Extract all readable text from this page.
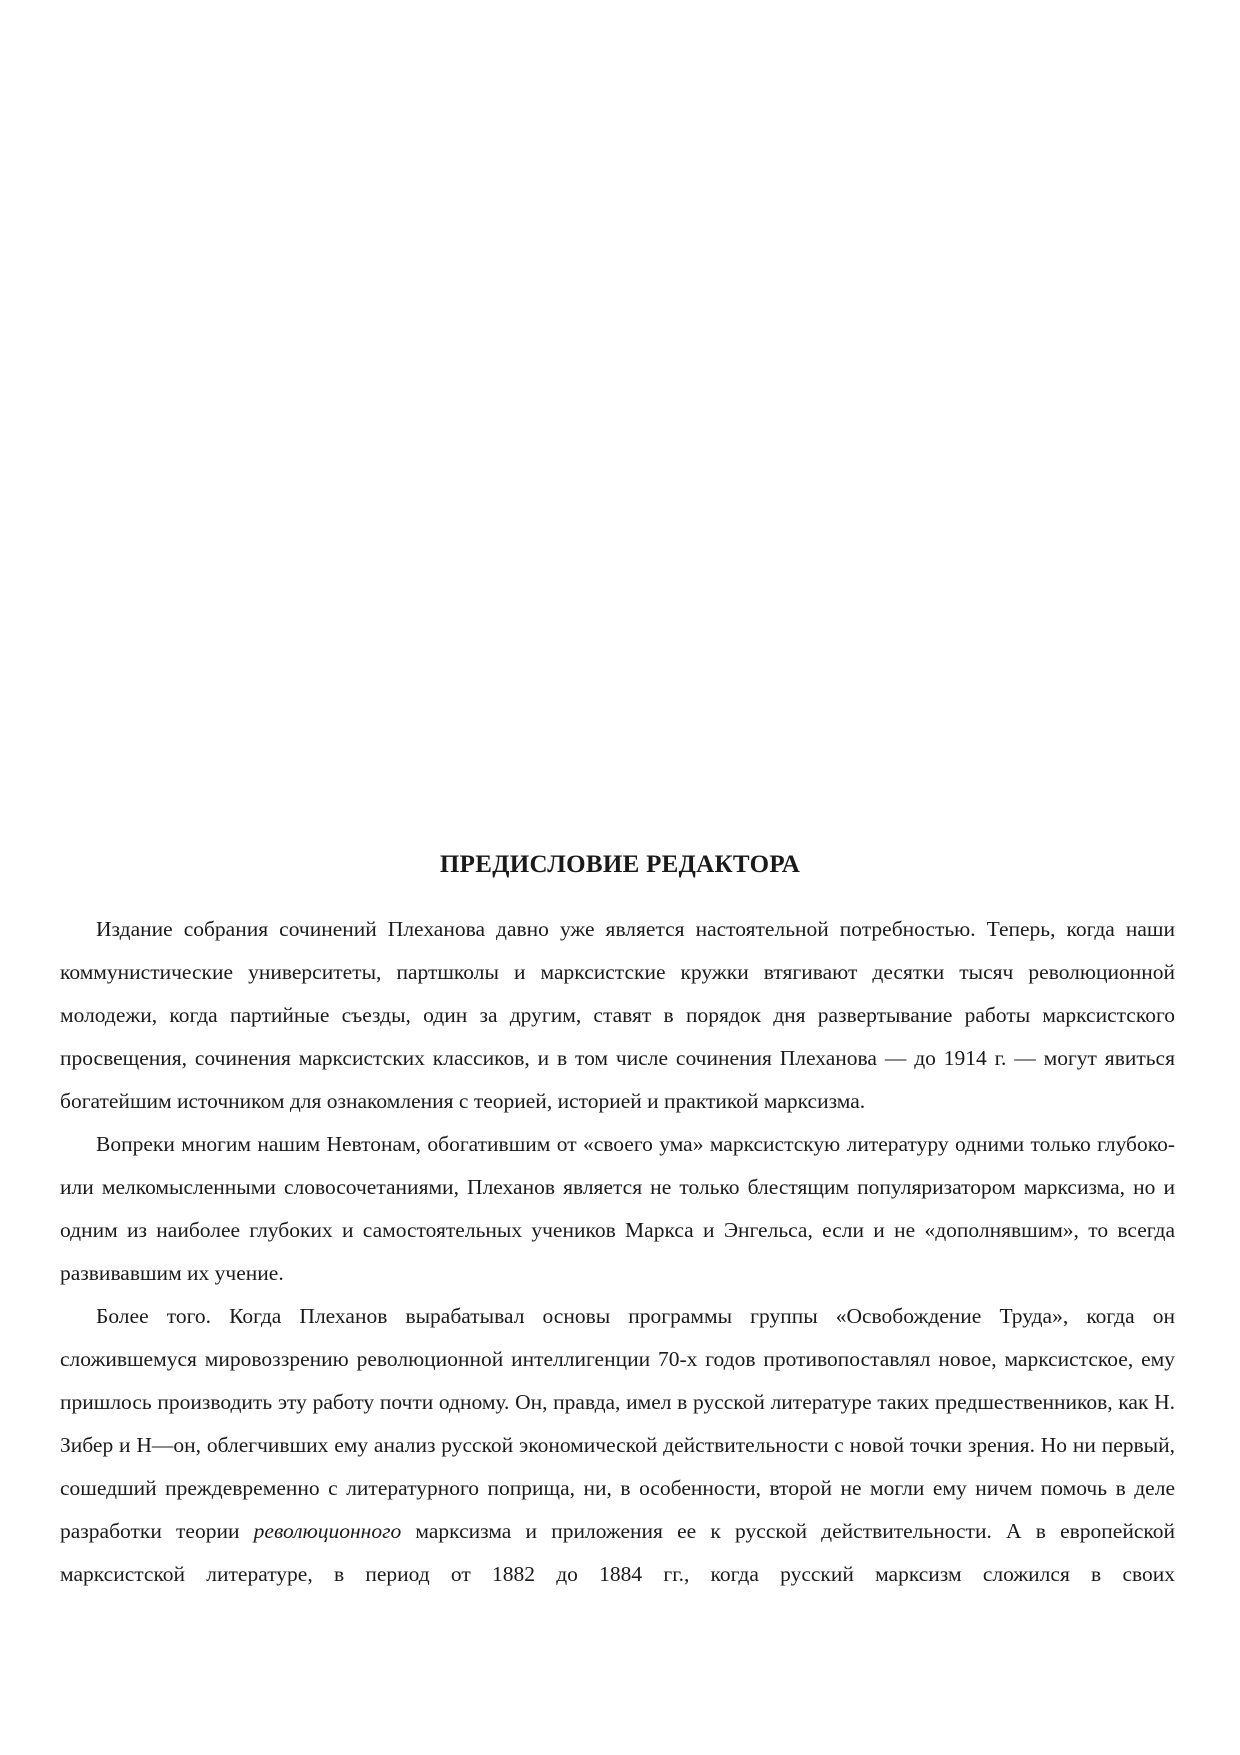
ПРЕДИСЛОВИЕ РЕДАКТОРА

Издание собрания сочинений Плеханова давно уже является настоятельной потребностью. Теперь, когда наши коммунистические университеты, партшколы и марксистские кружки втягивают десятки тысяч революционной молодежи, когда партийные съезды, один за другим, ставят в порядок дня развертывание работы марксистского просвещения, сочинения марксистских классиков, и в том числе сочинения Плеханова — до 1914 г. — могут явиться богатейшим источником для ознакомления с теорией, историей и практикой марксизма.

Вопреки многим нашим Невтонам, обогатившим от «своего ума» марксистскую литературу одними только глубоко- или мелкомысленными словосочетаниями, Плеханов является не только блестящим популяризатором марксизма, но и одним из наиболее глубоких и самостоятельных учеников Маркса и Энгельса, если и не «дополнявшим», то всегда развивавшим их учение.

Более того. Когда Плеханов вырабатывал основы программы группы «Освобождение Труда», когда он сложившемуся мировоззрению революционной интеллигенции 70-х годов противопоставлял новое, марксистское, ему пришлось производить эту работу почти одному. Он, правда, имел в русской литературе таких предшественников, как Н. Зибер и Н—он, облегчивших ему анализ русской экономической действительности с новой точки зрения. Но ни первый, сошедший преждевременно с литературного поприща, ни, в особенности, второй не могли ему ничем помочь в деле разработки теории революционного марксизма и приложения ее к русской действительности. А в европейской марксистской литературе, в период от 1882 до 1884 гг., когда русский марксизм сложился в своих
